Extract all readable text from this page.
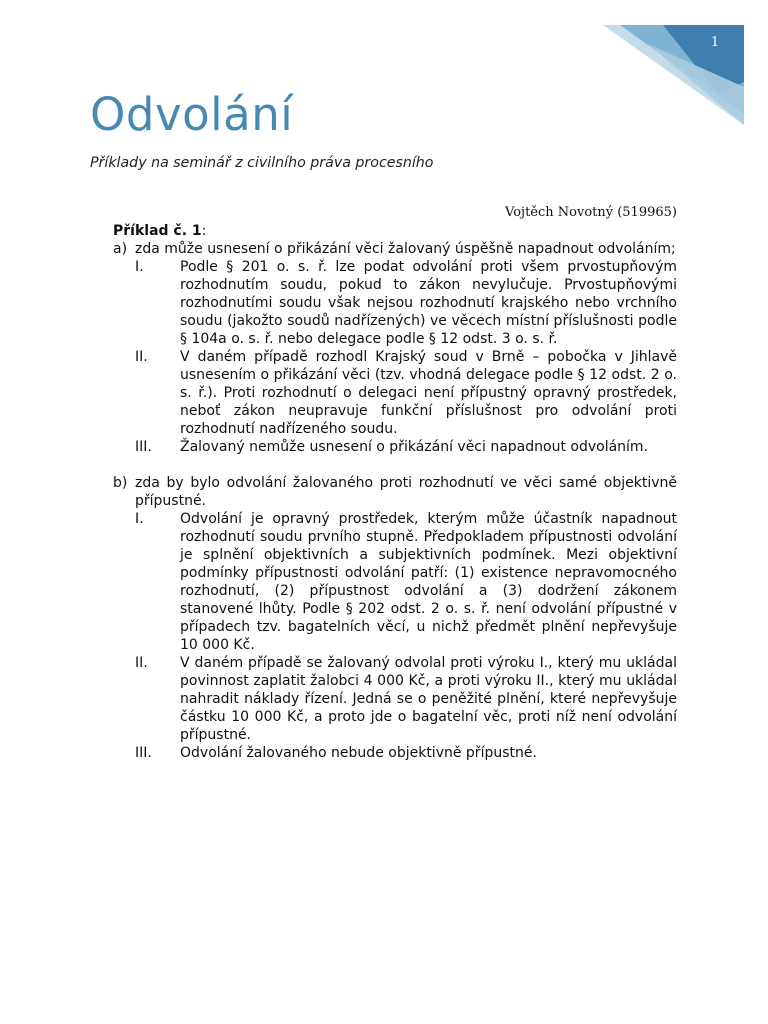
1
Odvolání
Příklady na seminář z civilního práva procesního
Vojtěch Novotný (519965)

Příklad č. 1:

a) zda může usnesení o přikázání věci žalovaný úspěšně napadnout odvoláním;
I.	Podle § 201 o. s. ř. lze podat odvolání proti všem prvostupňovým rozhodnutím soudu, pokud to zákon nevylučuje. Prvostupňovými rozhodnutími soudu však nejsou rozhodnutí krajského nebo vrchního soudu (jakožto soudů nadřízených) ve věcech místní příslušnosti podle § 104a o. s. ř. nebo delegace podle § 12 odst. 3 o. s. ř.
II.	V daném případě rozhodl Krajský soud v Brně – pobočka v Jihlavě usnesením o přikázání věci (tzv. vhodná delegace podle § 12 odst. 2 o. s. ř.). Proti rozhodnutí o delegaci není přípustný opravný prostředek, neboť zákon neupravuje funkční příslušnost pro odvolání proti rozhodnutí nadřízeného soudu.
III.	Žalovaný nemůže usnesení o přikázání věci napadnout odvoláním.
b) zda by bylo odvolání žalovaného proti rozhodnutí ve věci samé objektivně přípustné.
I.	Odvolání je opravný prostředek, kterým může účastník napadnout rozhodnutí soudu prvního stupně. Předpokladem přípustnosti odvolání je splnění objektivních a subjektivních podmínek. Mezi objektivní podmínky přípustnosti odvolání patří: (1) existence nepravomocného rozhodnutí, (2) přípustnost odvolání a (3) dodržení zákonem stanovené lhůty. Podle § 202 odst. 2 o. s. ř. není odvolání přípustné v případech tzv. bagatelních věcí, u nichž předmět plnění nepřevyšuje 10 000 Kč.
II.	V daném případě se žalovaný odvolal proti výroku I., který mu ukládal povinnost zaplatit žalobci 4 000 Kč, a proti výroku II., který mu ukládal nahradit náklady řízení. Jedná se o peněžité plnění, které nepřevyšuje částku 10 000 Kč, a proto jde o bagatelní věc, proti níž není odvolání přípustné.
III.	Odvolání žalovaného nebude objektivně přípustné.
